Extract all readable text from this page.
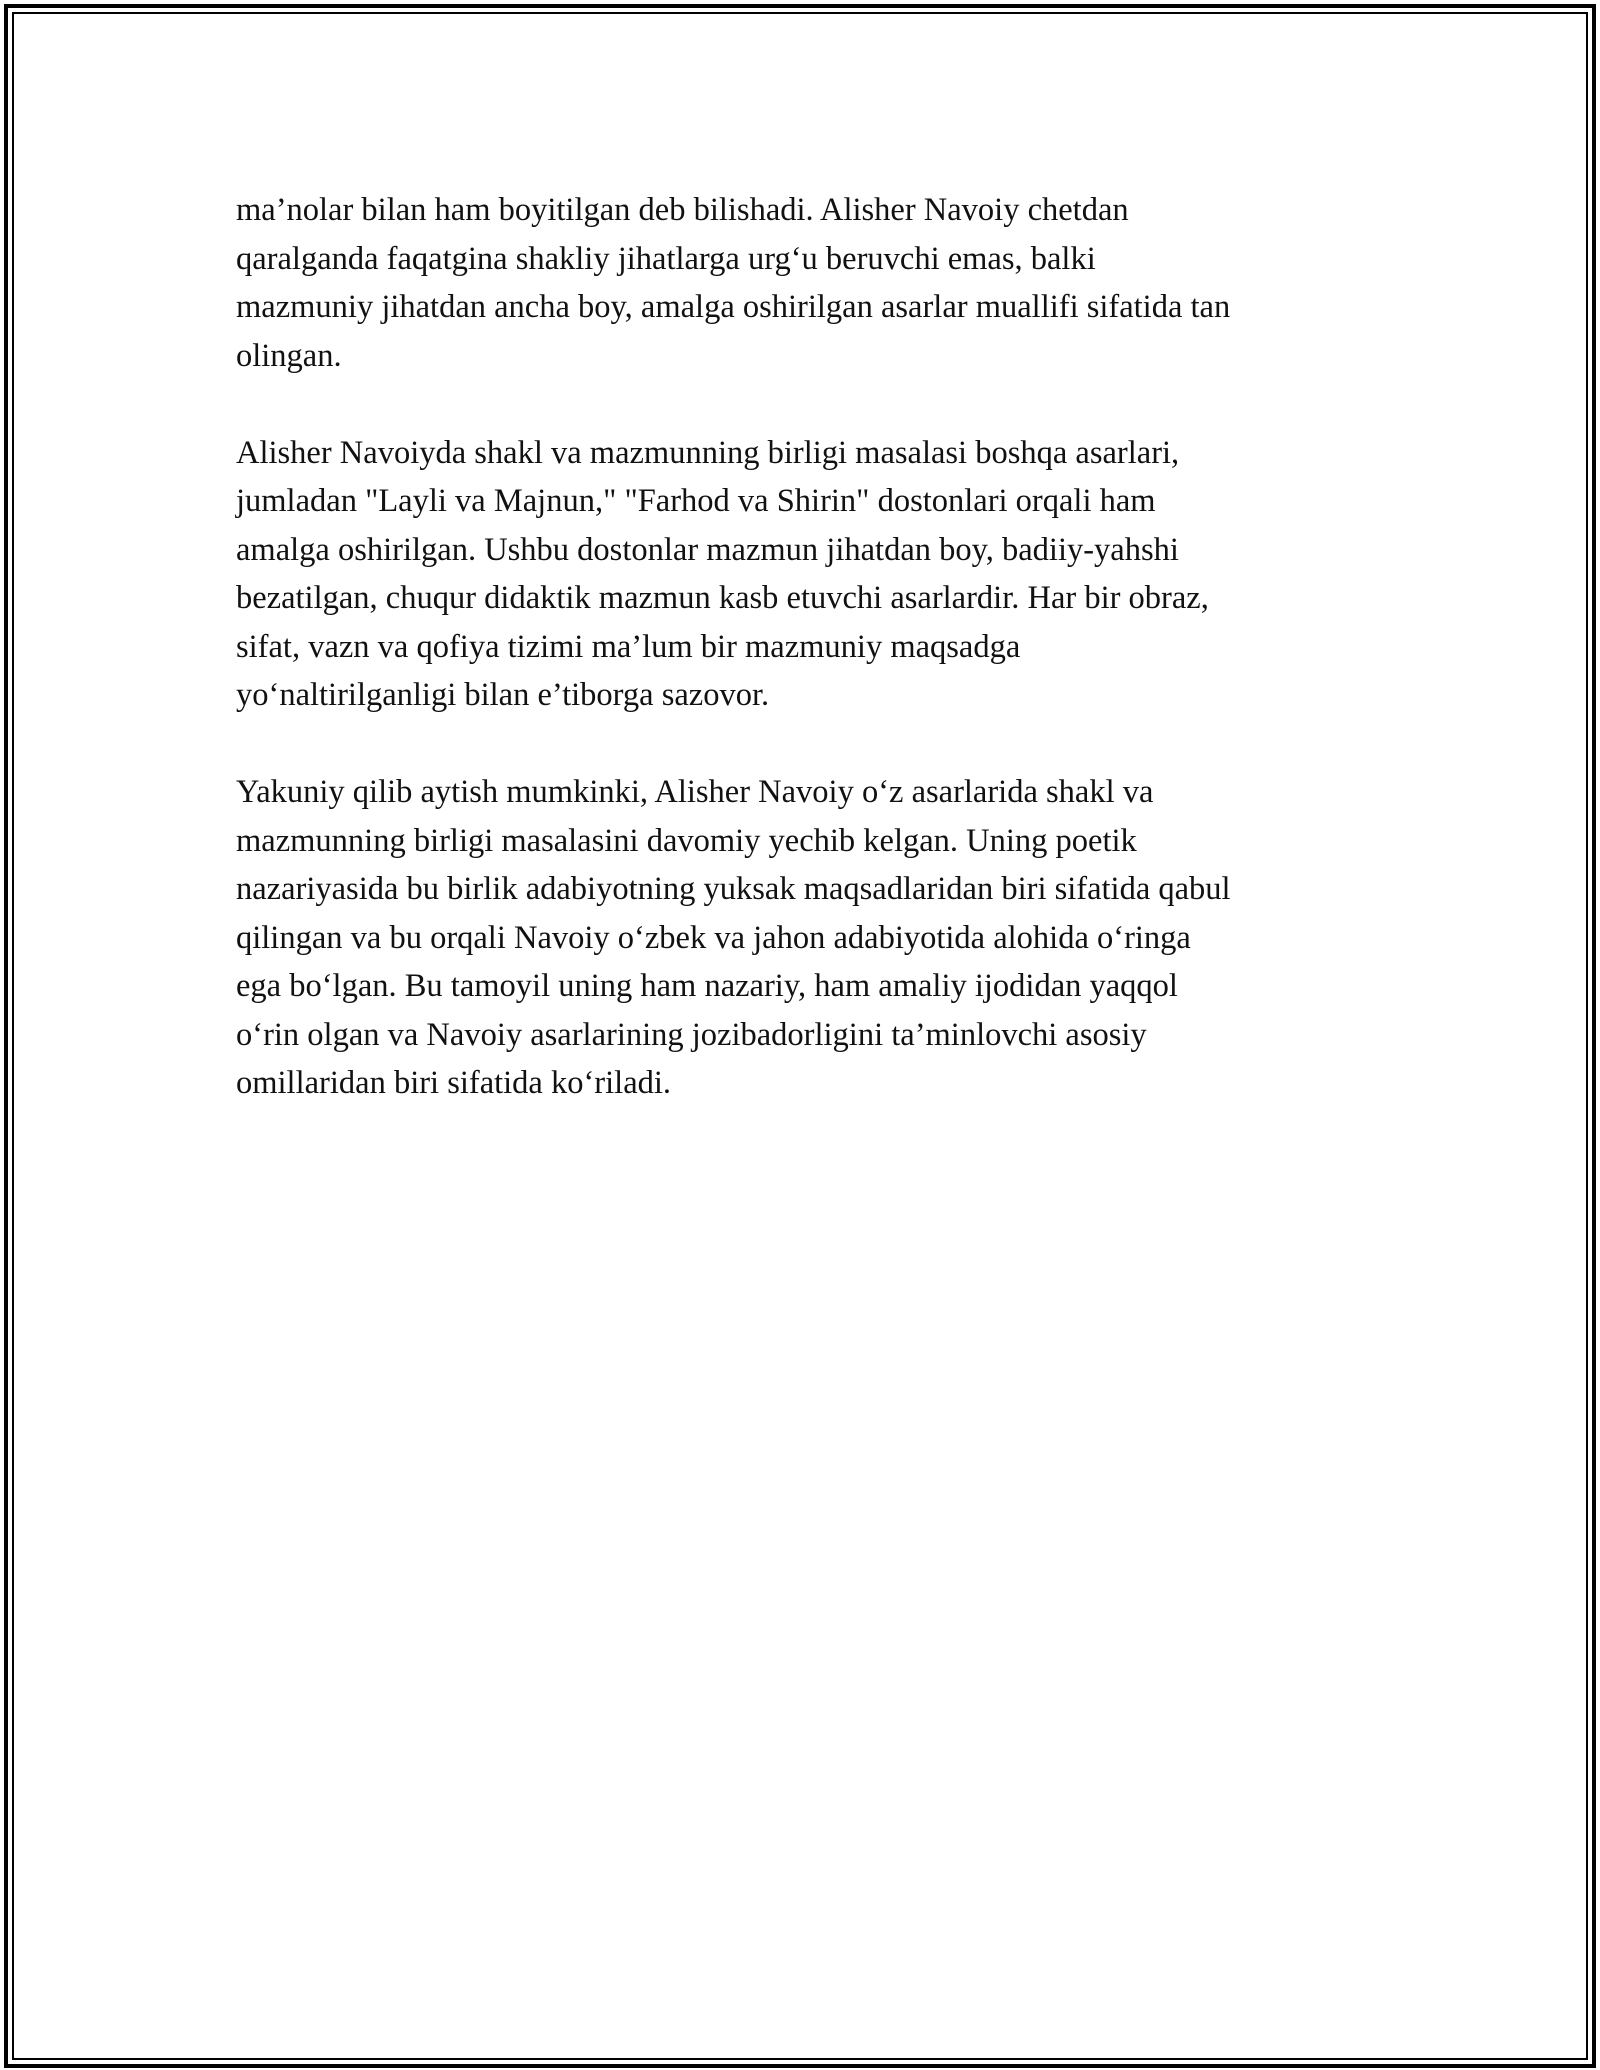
ma’nolar bilan ham boyitilgan deb bilishadi. Alisher Navoiy chetdan
qaralganda faqatgina shakliy jihatlarga urg‘u beruvchi emas, balki
mazmuniy jihatdan ancha boy, amalga oshirilgan asarlar muallifi sifatida tan
olingan.

Alisher Navoiyda shakl va mazmunning birligi masalasi boshqa asarlari,
jumladan "Layli va Majnun," "Farhod va Shirin" dostonlari orqali ham
amalga oshirilgan. Ushbu dostonlar mazmun jihatdan boy, badiiy-yahshi
bezatilgan, chuqur didaktik mazmun kasb etuvchi asarlardir. Har bir obraz,
sifat, vazn va qofiya tizimi ma’lum bir mazmuniy maqsadga
yo‘naltirilganligi bilan e’tiborga sazovor.

Yakuniy qilib aytish mumkinki, Alisher Navoiy o‘z asarlarida shakl va
mazmunning birligi masalasini davomiy yechib kelgan. Uning poetik
nazariyasida bu birlik adabiyotning yuksak maqsadlaridan biri sifatida qabul
qilingan va bu orqali Navoiy o‘zbek va jahon adabiyotida alohida o‘ringa
ega bo‘lgan. Bu tamoyil uning ham nazariy, ham amaliy ijodidan yaqqol
o‘rin olgan va Navoiy asarlarining jozibadorligini ta’minlovchi asosiy
omillaridan biri sifatida ko‘riladi.
